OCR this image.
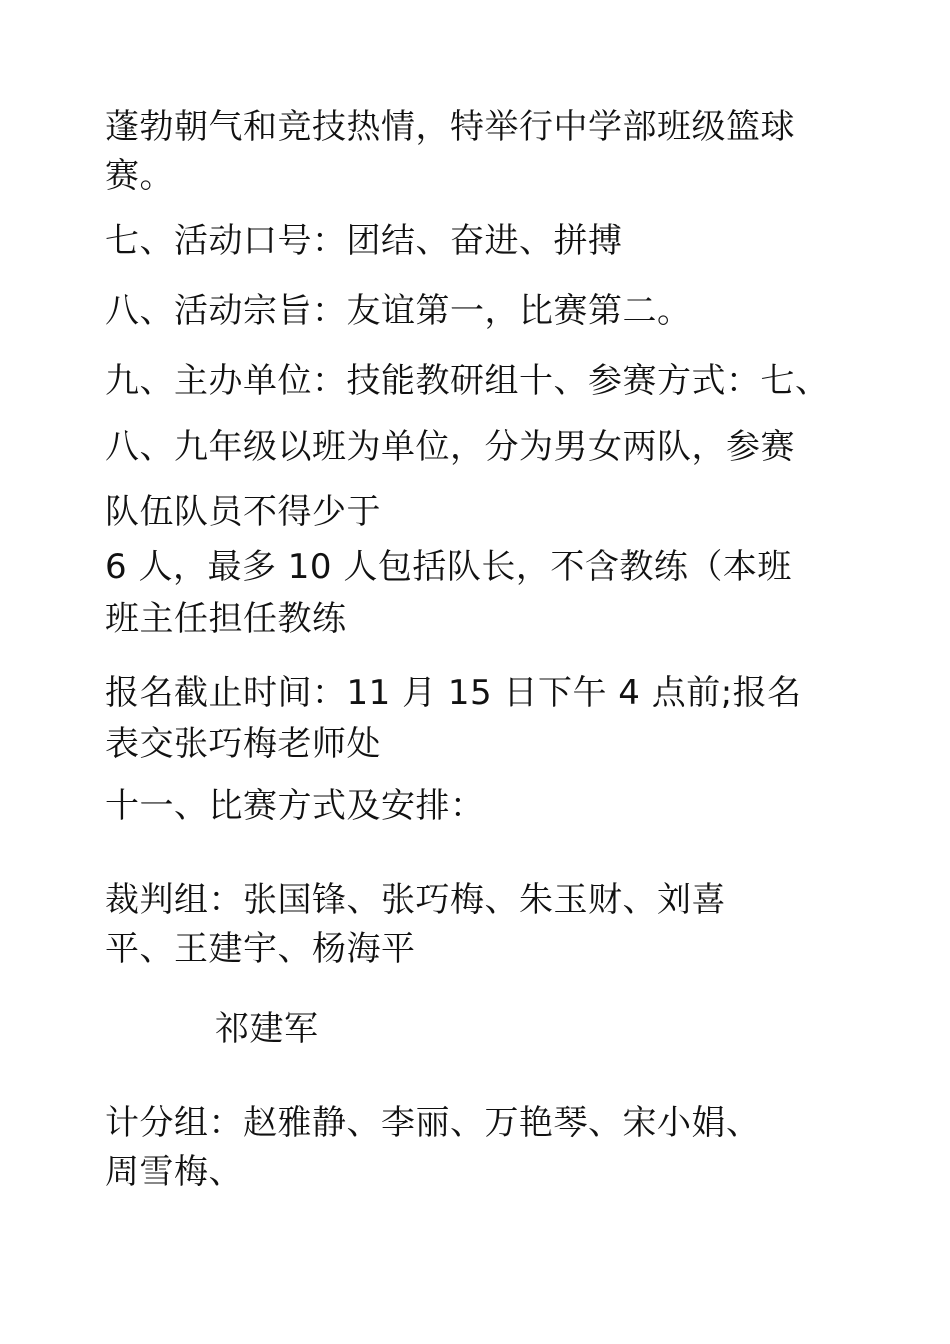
蓬勃朝气和竞技热情，特举行中学部班级篮球
赛。
七、活动口号：团结、奋进、拼搏
八、活动宗旨：友谊第一，比赛第二。
九、主办单位：技能教研组十、参赛方式：七、
八、九年级以班为单位，分为男女两队，参赛
队伍队员不得少于
6 人，最多 10 人包括队长，不含教练（本班
班主任担任教练
报名截止时间：11 月 15 日下午 4 点前;报名
表交张巧梅老师处
十一、比赛方式及安排：
裁判组：张国锋、张巧梅、朱玉财、刘喜
平、王建宇、杨海平
祁建军
计分组：赵雅静、李丽、万艳琴、宋小娟、
周雪梅、
